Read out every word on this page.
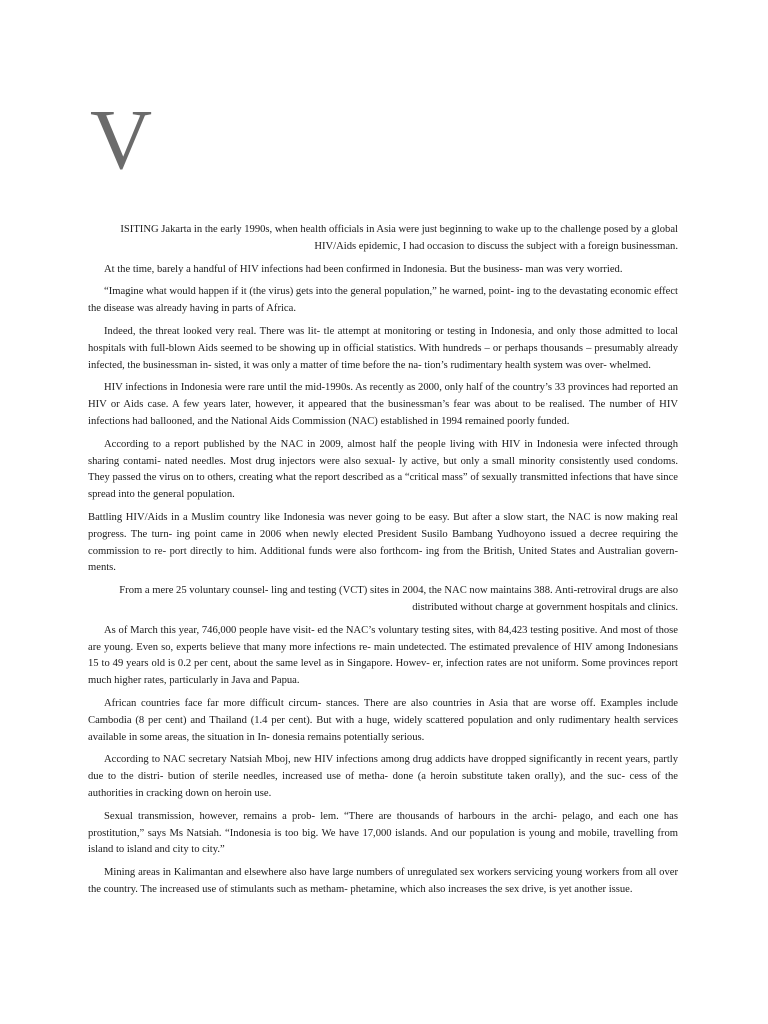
V

ISITING Jakarta in the early 1990s, when health officials in Asia were just beginning to wake up to the challenge posed by a global HIV/Aids epidemic, I had occasion to discuss the subject with a foreign businessman.

At the time, barely a handful of HIV infections had been confirmed in Indonesia. But the business- man was very worried.

“Imagine what would happen if it (the virus) gets into the general population,” he warned, point- ing to the devastating economic effect the disease was already having in parts of Africa.

Indeed, the threat looked very real. There was lit- tle attempt at monitoring or testing in Indonesia, and only those admitted to local hospitals with full-blown Aids seemed to be showing up in official statistics. With hundreds – or perhaps thousands – presumably already infected, the businessman in- sisted, it was only a matter of time before the na- tion’s rudimentary health system was over- whelmed.

HIV infections in Indonesia were rare until the mid-1990s. As recently as 2000, only half of the country’s 33 provinces had reported an HIV or Aids case. A few years later, however, it appeared that the businessman’s fear was about to be realised. The number of HIV infections had ballooned, and the National Aids Commission (NAC) established in 1994 remained poorly funded.

According to a report published by the NAC in 2009, almost half the people living with HIV in Indonesia were infected through sharing contami- nated needles. Most drug injectors were also sexual- ly active, but only a small minority consistently used condoms. They passed the virus on to others, creating what the report described as a “critical mass” of sexually transmitted infections that have since spread into the general population.

Battling HIV/Aids in a Muslim country like Indonesia was never going to be easy. But after a slow start, the NAC is now making real progress. The turn- ing point came in 2006 when newly elected President Susilo Bambang Yudhoyono issued a decree requiring the commission to re- port directly to him. Additional funds were also forthcom- ing from the British, United States and Australian govern- ments.

From a mere 25 voluntary counsel- ling and testing (VCT) sites in 2004, the NAC now maintains 388. Anti-retroviral drugs are also distributed without charge at government hospitals and clinics.

As of March this year, 746,000 people have visit- ed the NAC’s voluntary testing sites, with 84,423 testing positive. And most of those are young. Even so, experts believe that many more infections re- main undetected. The estimated prevalence of HIV among Indonesians 15 to 49 years old is 0.2 per cent, about the same level as in Singapore. Howev- er, infection rates are not uniform. Some provinces report much higher rates, particularly in Java and Papua.

African countries face far more difficult circum- stances. There are also countries in Asia that are worse off. Examples include Cambodia (8 per cent) and Thailand (1.4 per cent). But with a huge, widely scattered population and only rudimentary health services available in some areas, the situation in In- donesia remains potentially serious.

According to NAC secretary Natsiah Mboj, new HIV infections among drug addicts have dropped significantly in recent years, partly due to the distri- bution of sterile needles, increased use of metha- done (a heroin substitute taken orally), and the suc- cess of the authorities in cracking down on heroin use.

Sexual transmission, however, remains a prob- lem. “There are thousands of harbours in the archi- pelago, and each one has prostitution,” says Ms Natsiah. “Indonesia is too big. We have 17,000 islands. And our population is young and mobile, travelling from island to island and city to city.”

Mining areas in Kalimantan and elsewhere also have large numbers of unregulated sex workers servicing young workers from all over the country. The increased use of stimulants such as metham- phetamine, which also increases the sex drive, is yet another issue.
